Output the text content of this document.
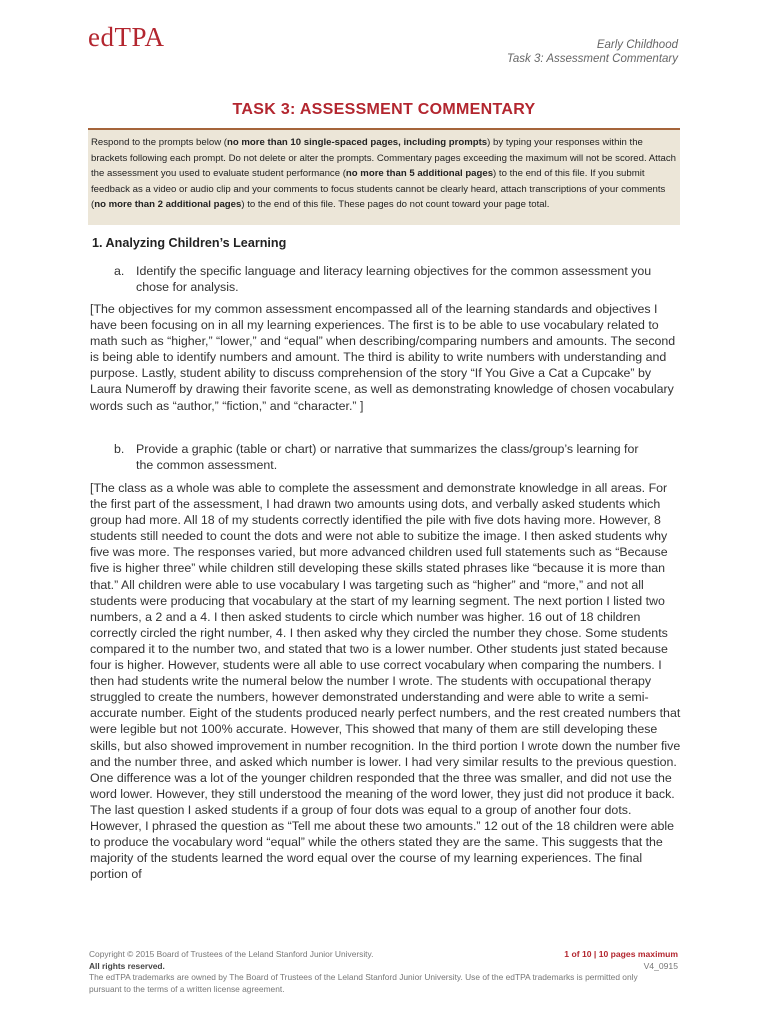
edTPA	Early Childhood
Task 3: Assessment Commentary
TASK 3: ASSESSMENT COMMENTARY
Respond to the prompts below (no more than 10 single-spaced pages, including prompts) by typing your responses within the brackets following each prompt. Do not delete or alter the prompts. Commentary pages exceeding the maximum will not be scored. Attach the assessment you used to evaluate student performance (no more than 5 additional pages) to the end of this file. If you submit feedback as a video or audio clip and your comments to focus students cannot be clearly heard, attach transcriptions of your comments (no more than 2 additional pages) to the end of this file. These pages do not count toward your page total.
1. Analyzing Children’s Learning
a. Identify the specific language and literacy learning objectives for the common assessment you chose for analysis.
[The objectives for my common assessment encompassed all of the learning standards and objectives I have been focusing on in all my learning experiences. The first is to be able to use vocabulary related to math such as “higher,” “lower,” and “equal” when describing/comparing numbers and amounts. The second is being able to identify numbers and amount. The third is ability to write numbers with understanding and purpose. Lastly, student ability to discuss comprehension of the story “If You Give a Cat a Cupcake” by Laura Numeroff by drawing their favorite scene, as well as demonstrating knowledge of chosen vocabulary words such as “author,” “fiction,” and “character.” ]
b. Provide a graphic (table or chart) or narrative that summarizes the class/group’s learning for the common assessment.
[The class as a whole was able to complete the assessment and demonstrate knowledge in all areas. For the first part of the assessment, I had drawn two amounts using dots, and verbally asked students which group had more. All 18 of my students correctly identified the pile with five dots having more. However, 8 students still needed to count the dots and were not able to subitize the image. I then asked students why five was more. The responses varied, but more advanced children used full statements such as “Because five is higher three” while children still developing these skills stated phrases like “because it is more than that.” All children were able to use vocabulary I was targeting such as “higher” and “more,” and not all students were producing that vocabulary at the start of my learning segment. The next portion I listed two numbers, a 2 and a 4. I then asked students to circle which number was higher. 16 out of 18 children correctly circled the right number, 4. I then asked why they circled the number they chose. Some students compared it to the number two, and stated that two is a lower number. Other students just stated because four is higher. However, students were all able to use correct vocabulary when comparing the numbers. I then had students write the numeral below the number I wrote. The students with occupational therapy struggled to create the numbers, however demonstrated understanding and were able to write a semi-accurate number. Eight of the students produced nearly perfect numbers, and the rest created numbers that were legible but not 100% accurate. However, This showed that many of them are still developing these skills, but also showed improvement in number recognition. In the third portion I wrote down the number five and the number three, and asked which number is lower. I had very similar results to the previous question. One difference was a lot of the younger children responded that the three was smaller, and did not use the word lower. However, they still understood the meaning of the word lower, they just did not produce it back. The last question I asked students if a group of four dots was equal to a group of another four dots. However, I phrased the question as “Tell me about these two amounts.” 12 out of the 18 children were able to produce the vocabulary word “equal” while the others stated they are the same. This suggests that the majority of the students learned the word equal over the course of my learning experiences. The final portion of
Copyright © 2015 Board of Trustees of the Leland Stanford Junior University.
All rights reserved.
The edTPA trademarks are owned by The Board of Trustees of the Leland Stanford Junior University. Use of the edTPA trademarks is permitted only pursuant to the terms of a written license agreement.
1 of 10 | 10 pages maximum
V4_0915
